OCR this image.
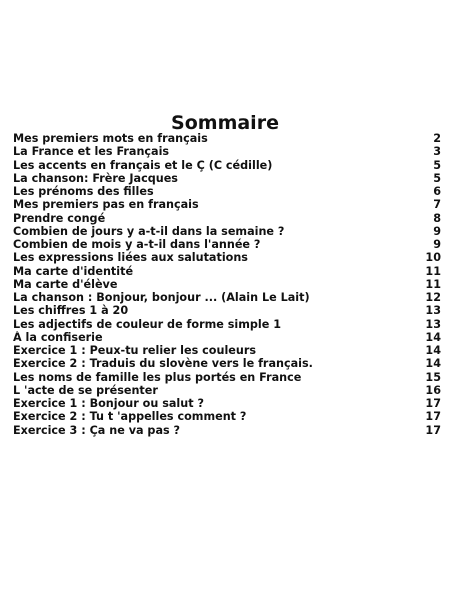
Sommaire
Mes premiers mots en français	2
La France et les Français	3
Les accents en français et le Ç (C cédille)	5
La chanson: Frère Jacques	5
Les prénoms des filles	6
Mes premiers pas en français	7
Prendre congé	8
Combien de jours y a-t-il dans la semaine ?	9
Combien de mois y a-t-il dans l'année ?	9
Les expressions liées aux salutations	10
Ma carte d'identité	11
Ma carte d'élève	11
La chanson : Bonjour, bonjour ... (Alain Le Lait)	12
Les chiffres 1 à 20	13
Les adjectifs de couleur de forme simple 1	13
À la confiserie	14
Exercice 1 : Peux-tu relier les couleurs	14
Exercice 2 : Traduis du slovène vers le français.	14
Les noms de famille les plus portés en France	15
L 'acte de se présenter	16
Exercice 1 : Bonjour ou salut ?	17
Exercice 2 : Tu t 'appelles comment ?	17
Exercice 3 : Ça ne va pas ?	17
